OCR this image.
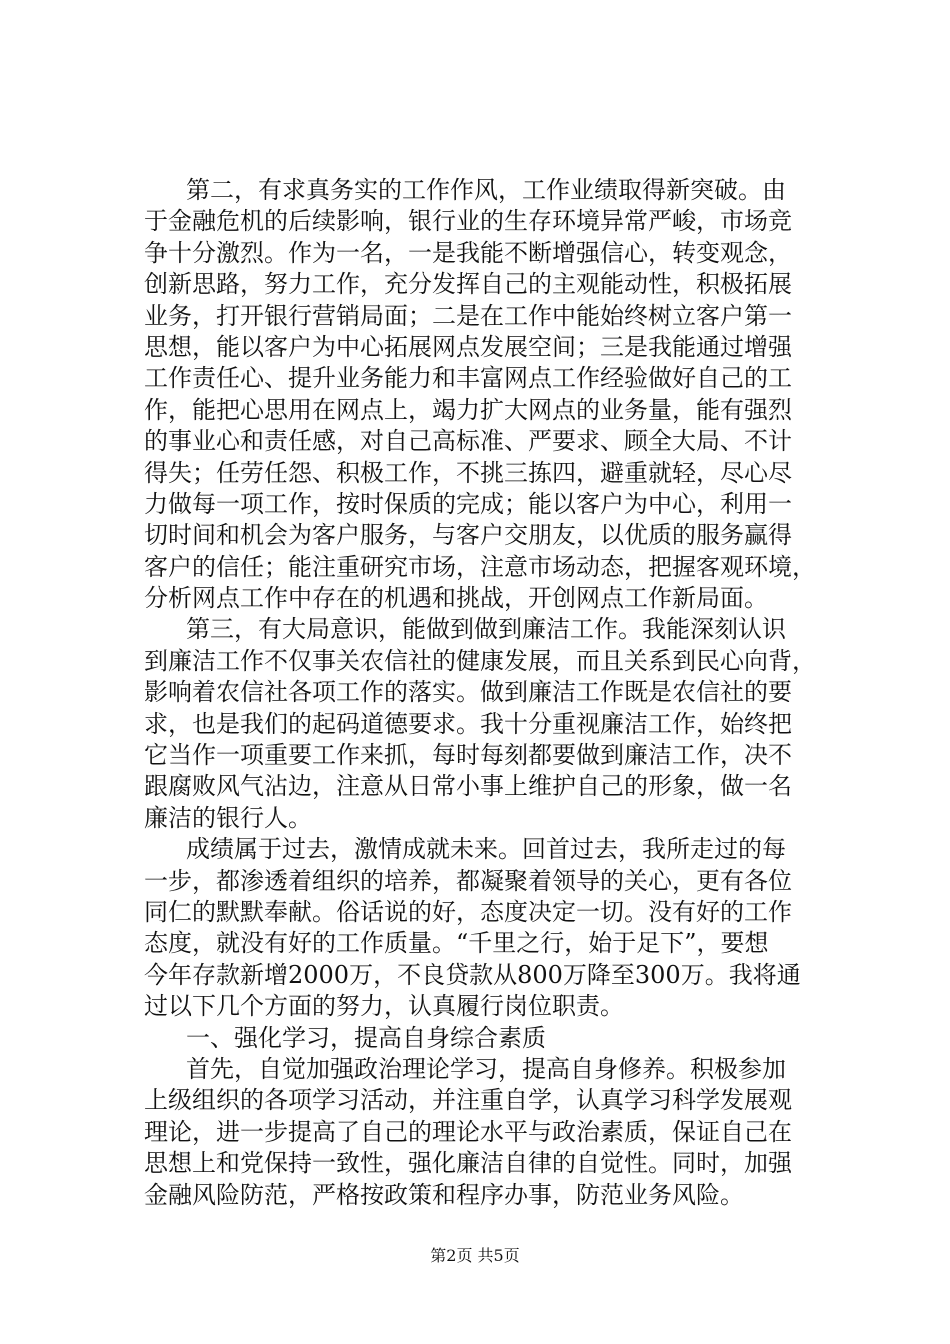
第二，有求真务实的工作作风，工作业绩取得新突破。由
于金融危机的后续影响，银行业的生存环境异常严峻，市场竞
争十分激烈。作为一名，一是我能不断增强信心，转变观念，
创新思路，努力工作，充分发挥自己的主观能动性，积极拓展
业务，打开银行营销局面；二是在工作中能始终树立客户第一
思想，能以客户为中心拓展网点发展空间；三是我能通过增强
工作责任心、提升业务能力和丰富网点工作经验做好自己的工
作，能把心思用在网点上，竭力扩大网点的业务量，能有强烈
的事业心和责任感，对自己高标准、严要求、顾全大局、不计
得失；任劳任怨、积极工作，不挑三拣四，避重就轻，尽心尽
力做每一项工作，按时保质的完成；能以客户为中心，利用一
切时间和机会为客户服务，与客户交朋友，以优质的服务赢得
客户的信任；能注重研究市场，注意市场动态，把握客观环境，
分析网点工作中存在的机遇和挑战，开创网点工作新局面。
第三，有大局意识，能做到做到廉洁工作。我能深刻认识
到廉洁工作不仅事关农信社的健康发展，而且关系到民心向背，
影响着农信社各项工作的落实。做到廉洁工作既是农信社的要
求，也是我们的起码道德要求。我十分重视廉洁工作，始终把
它当作一项重要工作来抓，每时每刻都要做到廉洁工作，决不
跟腐败风气沾边，注意从日常小事上维护自己的形象，做一名
廉洁的银行人。
成绩属于过去，激情成就未来。回首过去，我所走过的每
一步，都渗透着组织的培养，都凝聚着领导的关心，更有各位
同仁的默默奉献。俗话说的好，态度决定一切。没有好的工作
态度，就没有好的工作质量。“千里之行，始于足下”，要想
今年存款新增2000万，不良贷款从800万降至300万。我将通
过以下几个方面的努力，认真履行岗位职责。
一、强化学习，提高自身综合素质
首先，自觉加强政治理论学习，提高自身修养。积极参加
上级组织的各项学习活动，并注重自学，认真学习科学发展观
理论，进一步提高了自己的理论水平与政治素质，保证自己在
思想上和党保持一致性，强化廉洁自律的自觉性。同时，加强
金融风险防范，严格按政策和程序办事，防范业务风险。
第2页 共5页
